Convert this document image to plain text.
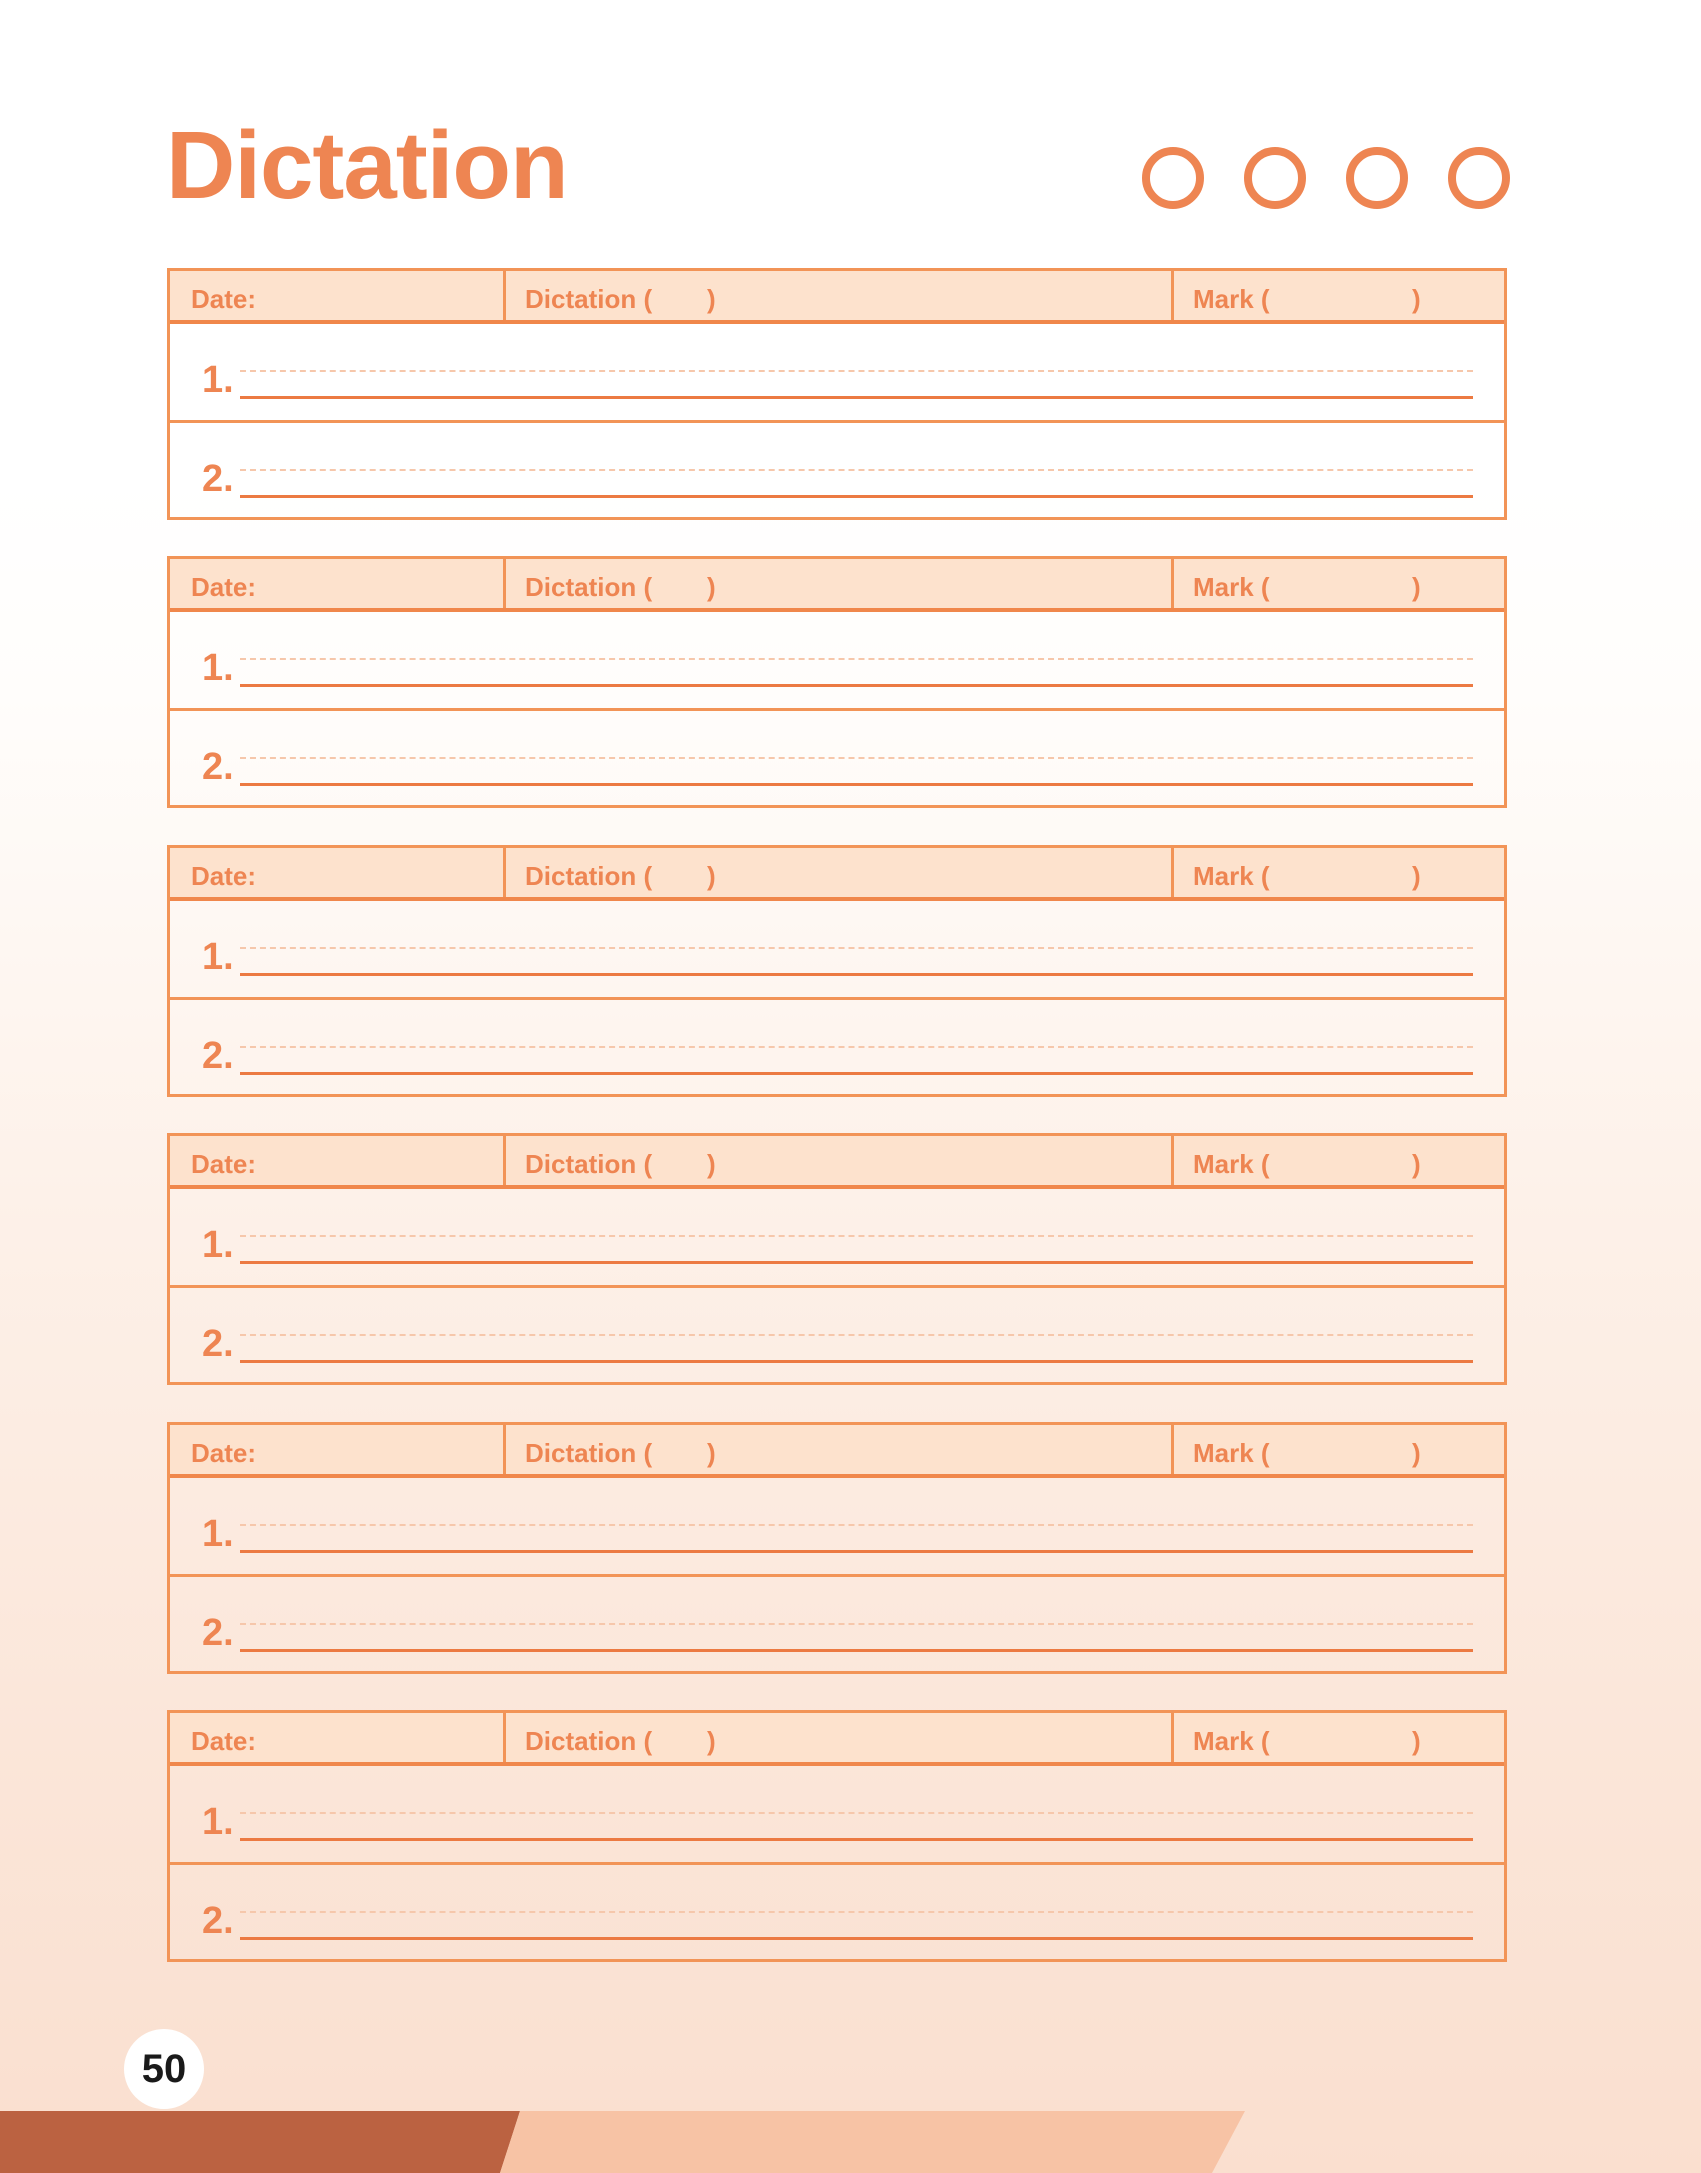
Dictation
Date:	Dictation ( )	Mark (	)
1.
2.
Date:	Dictation ( )	Mark (	)
1.
2.
Date:	Dictation ( )	Mark (	)
1.
2.
Date:	Dictation ( )	Mark (	)
1.
2.
Date:	Dictation ( )	Mark (	)
1.
2.
Date:	Dictation ( )	Mark (	)
1.
2.
50
